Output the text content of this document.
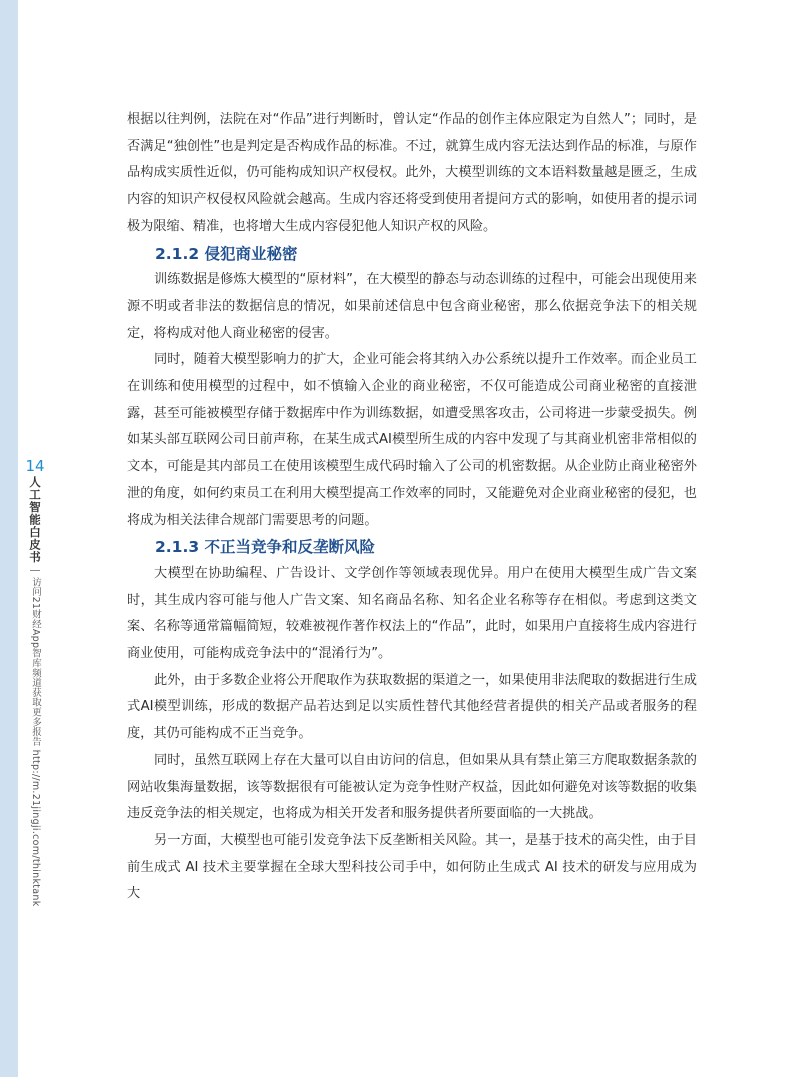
14
人工智能白皮书
访问21财经App智库频道获取更多报告 http://m.21jingji.com/thinktank

根据以往判例，法院在对“作品”进行判断时，曾认定“作品的创作主体应限定为自然人”；同时，是否满足“独创性”也是判定是否构成作品的标准。不过，就算生成内容无法达到作品的标准，与原作品构成实质性近似，仍可能构成知识产权侵权。此外，大模型训练的文本语料数量越是匮乏，生成内容的知识产权侵权风险就会越高。生成内容还将受到使用者提问方式的影响，如使用者的提示词极为限缩、精准，也将增大生成内容侵犯他人知识产权的风险。

2.1.2 侵犯商业秘密

训练数据是修炼大模型的“原材料”，在大模型的静态与动态训练的过程中，可能会出现使用来源不明或者非法的数据信息的情况，如果前述信息中包含商业秘密，那么依据竞争法下的相关规定，将构成对他人商业秘密的侵害。

同时，随着大模型影响力的扩大，企业可能会将其纳入办公系统以提升工作效率。而企业员工在训练和使用模型的过程中，如不慎输入企业的商业秘密，不仅可能造成公司商业秘密的直接泄露，甚至可能被模型存储于数据库中作为训练数据，如遭受黑客攻击，公司将进一步蒙受损失。例如某头部互联网公司日前声称，在某生成式AI模型所生成的内容中发现了与其商业机密非常相似的文本，可能是其内部员工在使用该模型生成代码时输入了公司的机密数据。从企业防止商业秘密外泄的角度，如何约束员工在利用大模型提高工作效率的同时，又能避免对企业商业秘密的侵犯，也将成为相关法律合规部门需要思考的问题。

2.1.3 不正当竞争和反垄断风险

大模型在协助编程、广告设计、文学创作等领域表现优异。用户在使用大模型生成广告文案时，其生成内容可能与他人广告文案、知名商品名称、知名企业名称等存在相似。考虑到这类文案、名称等通常篇幅简短，较难被视作著作权法上的“作品”，此时，如果用户直接将生成内容进行商业使用，可能构成竞争法中的“混淆行为”。

此外，由于多数企业将公开爬取作为获取数据的渠道之一，如果使用非法爬取的数据进行生成式AI模型训练，形成的数据产品若达到足以实质性替代其他经营者提供的相关产品或者服务的程度，其仍可能构成不正当竞争。

同时，虽然互联网上存在大量可以自由访问的信息，但如果从具有禁止第三方爬取数据条款的网站收集海量数据，该等数据很有可能被认定为竞争性财产权益，因此如何避免对该等数据的收集违反竞争法的相关规定，也将成为相关开发者和服务提供者所要面临的一大挑战。

另一方面，大模型也可能引发竞争法下反垄断相关风险。其一，是基于技术的高尖性，由于目前生成式 AI 技术主要掌握在全球大型科技公司手中，如何防止生成式 AI 技术的研发与应用成为大
